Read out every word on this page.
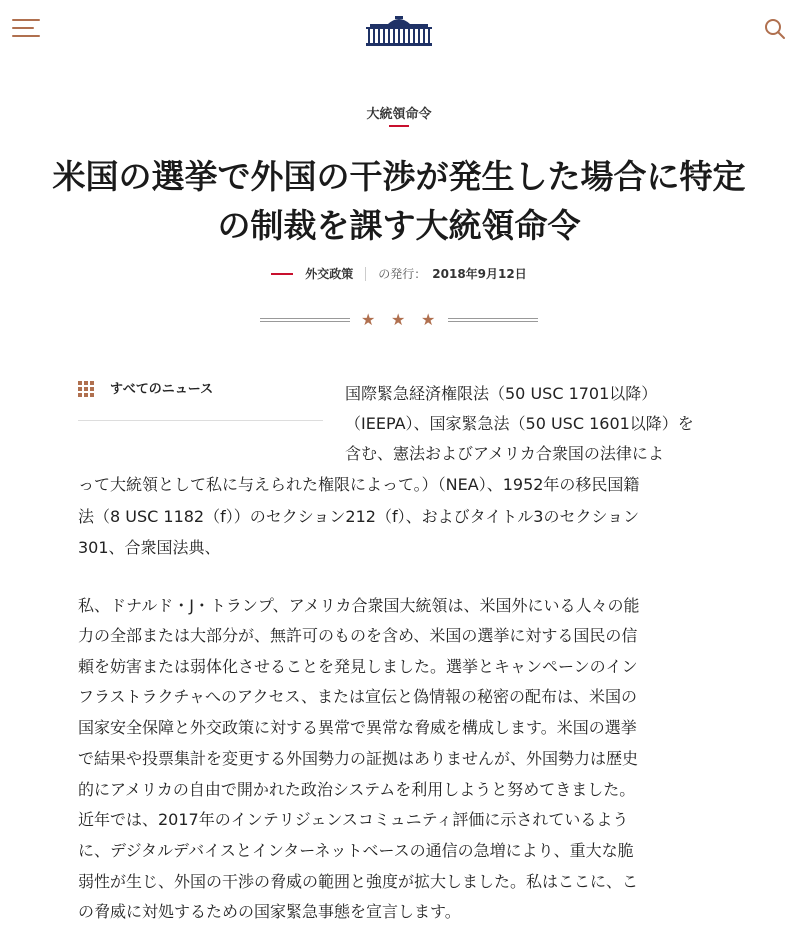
大統領命令
米国の選挙で外国の干渉が発生した場合に特定
の制裁を課す大統領命令
外交政策 の発行： 2018年9月12日
★ ★ ★
すべてのニュース	国際緊急経済権限法（50 USC 1701以降）
（IEEPA）、国家緊急法（50 USC 1601以降）を
含む、憲法およびアメリカ合衆国の法律によ
って大統領として私に与えられた権限によって。）（NEA）、1952年の移民国籍
法（8 USC 1182（f））のセクション212（f）、およびタイトル3のセクション
301、合衆国法典、
私、ドナルド・J・トランプ、アメリカ合衆国大統領は、米国外にいる人々の能
力の全部または大部分が、無許可のものを含め、米国の選挙に対する国民の信
頼を妨害または弱体化させることを発見しました。選挙とキャンペーンのイン
フラストラクチャへのアクセス、または宣伝と偽情報の秘密の配布は、米国の
国家安全保障と外交政策に対する異常で異常な脅威を構成します。米国の選挙
で結果や投票集計を変更する外国勢力の証拠はありませんが、外国勢力は歴史
的にアメリカの自由で開かれた政治システムを利用しようと努めてきました。
近年では、2017年のインテリジェンスコミュニティ評価に示されているよう
に、デジタルデバイスとインターネットベースの通信の急増により、重大な脆
弱性が生じ、外国の干渉の脅威の範囲と強度が拡大しました。私はここに、こ
の脅威に対処するための国家緊急事態を宣言します。
